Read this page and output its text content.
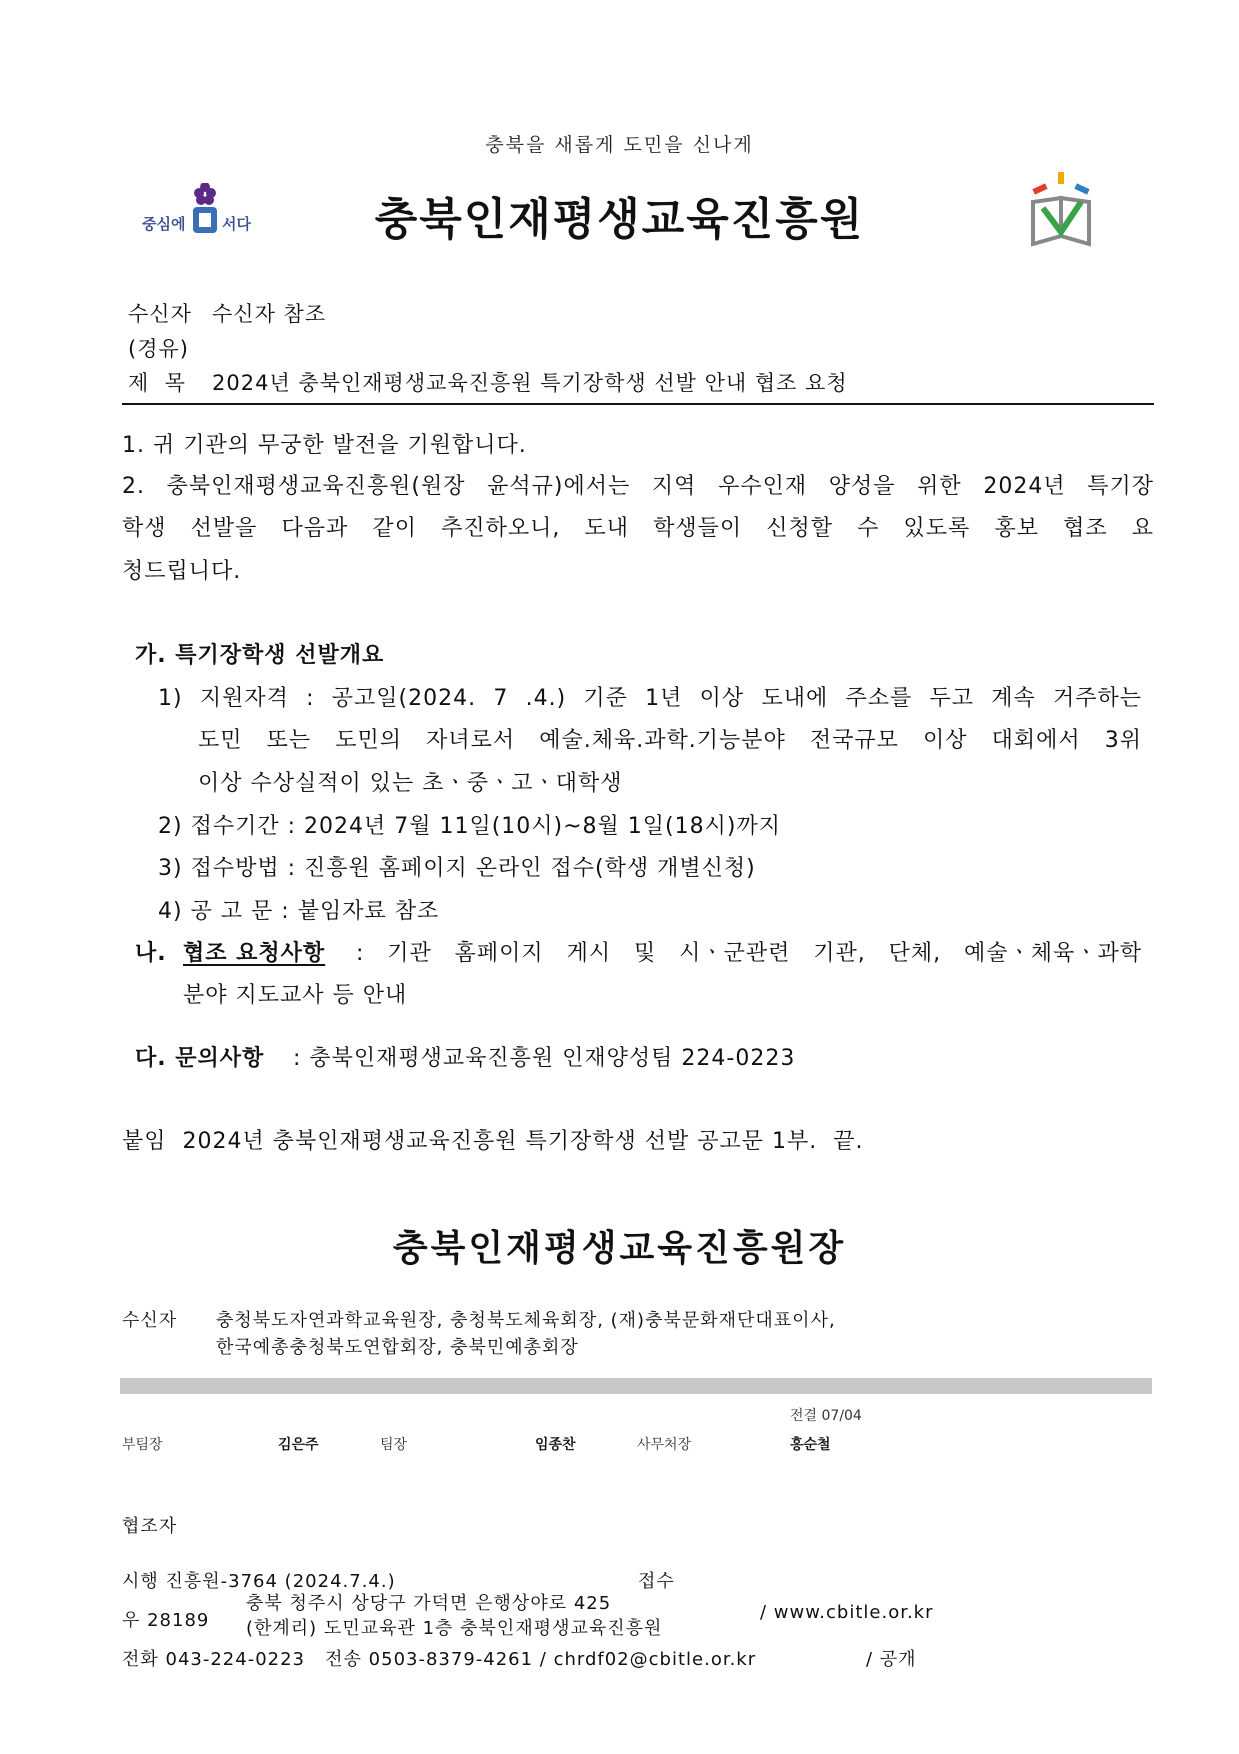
충북을 새롭게 도민을 신나게
중심에 서다	충북인재평생교육진흥원
수신자 수신자 참조
(경유)
제  목 2024년 충북인재평생교육진흥원 특기장학생 선발 안내 협조 요청
1. 귀 기관의 무궁한 발전을 기원합니다.
2. 충북인재평생교육진흥원(원장 윤석규)에서는 지역 우수인재 양성을 위한 2024년 특기장
학생 선발을 다음과 같이 추진하오니, 도내 학생들이 신청할 수 있도록 홍보 협조 요
청드립니다.
가. 특기장학생 선발개요
1) 지원자격 : 공고일(2024. 7 .4.) 기준 1년 이상 도내에 주소를 두고 계속 거주하는
도민 또는 도민의 자녀로서 예술.체육.과학.기능분야 전국규모 이상 대회에서 3위
이상 수상실적이 있는 초ㆍ중ㆍ고ㆍ대학생
2) 접수기간 : 2024년 7월 11일(10시)~8월 1일(18시)까지
3) 접수방법 : 진흥원 홈페이지 온라인 접수(학생 개별신청)
4) 공 고 문 : 붙임자료 참조
나. 협조 요청사항 : 기관 홈페이지 게시 및 시ㆍ군관련 기관, 단체, 예술ㆍ체육ㆍ과학
분야 지도교사 등 안내
다. 문의사항 : 충북인재평생교육진흥원 인재양성팀 224-0223
붙임  2024년 충북인재평생교육진흥원 특기장학생 선발 공고문 1부.  끝.
충북인재평생교육진흥원장
수신자 충청북도자연과학교육원장, 충청북도체육회장, (재)충북문화재단대표이사,
한국예총충청북도연합회장, 충북민예총회장
전결 07/04
부팀장	김은주	팀장	임종찬	사무처장	홍순철
협조자
시행 진흥원-3764 (2024.7.4.)	접수
우 28189
충북 청주시 상당구 가덕면 은행상야로 425
(한계리) 도민교육관 1층 충북인재평생교육진흥원
/ www.cbitle.or.kr
전화 043-224-0223   전송 0503-8379-4261 / chrdf02@cbitle.or.kr	/ 공개
